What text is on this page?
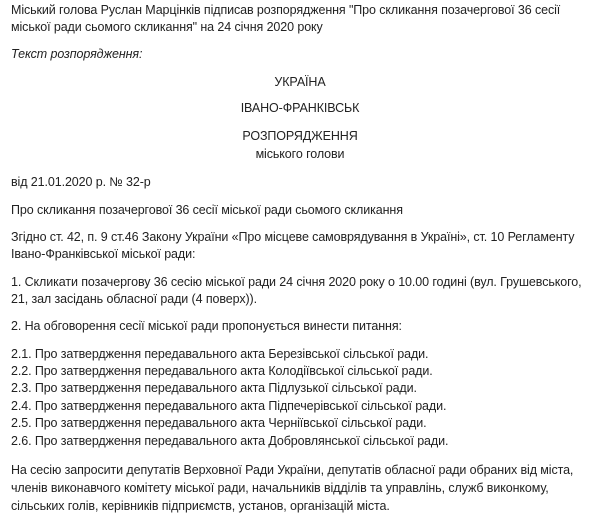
Міський голова Руслан Марцінків підписав розпорядження "Про скликання позачергової 36 сесії
міської ради сьомого скликання" на 24 січня 2020 року
Текст розпорядження:
УКРАЇНА
ІВАНО-ФРАНКІВСЬК
РОЗПОРЯДЖЕННЯ
міського голови
від 21.01.2020 р. № 32-р
Про скликання позачергової 36 сесії міської ради сьомого скликання
Згідно ст. 42, п. 9 ст.46 Закону України «Про місцеве самоврядування в Україні», ст. 10 Регламенту
Івано-Франківської міської ради:
1. Скликати позачергову 36 сесію міської ради 24 січня 2020 року о 10.00 годині (вул. Грушевського,
21, зал засідань обласної ради (4 поверх)).
2. На обговорення сесії міської ради пропонується винести питання:
2.1. Про затвердження передавального акта Березівської сільської ради.
2.2. Про затвердження передавального акта Колодіївської сільської ради.
2.3. Про затвердження передавального акта Підлузької сільської ради.
2.4. Про затвердження передавального акта Підпечерівської сільської ради.
2.5. Про затвердження передавального акта Черніївської сільської ради.
2.6. Про затвердження передавального акта Добровлянської сільської ради.
На сесію запросити депутатів Верховної Ради України, депутатів обласної ради обраних від міста,
членів виконавчого комітету міської ради, начальників відділів та управлінь, служб виконкому,
сільських голів, керівників підприємств, установ, організацій міста.
